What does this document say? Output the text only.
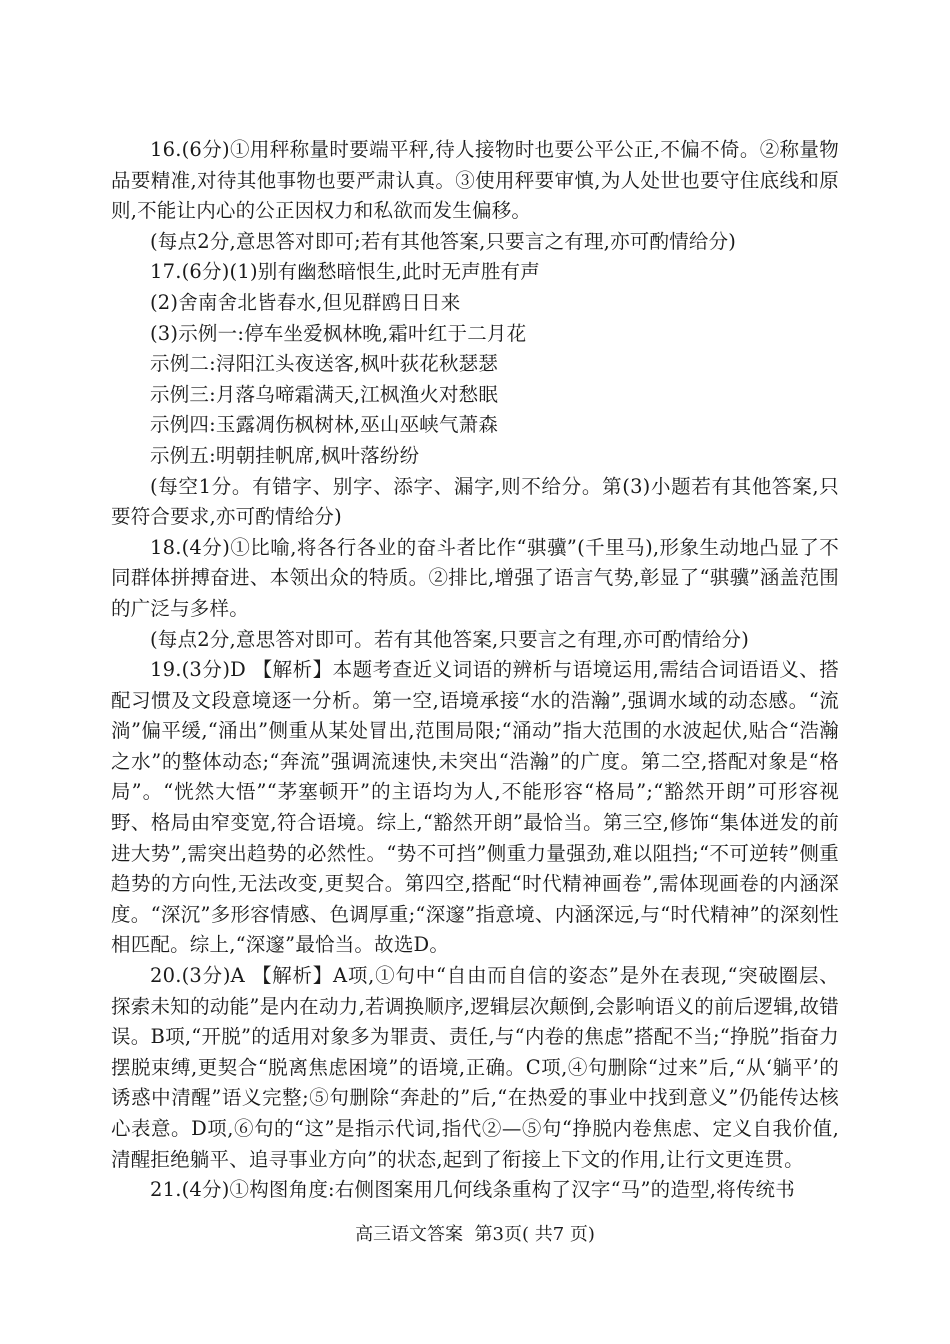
16.(6分)①用秤称量时要端平秤,待人接物时也要公平公正,不偏不倚。②称量物品要精准,对待其他事物也要严肃认真。③使用秤要审慎,为人处世也要守住底线和原则,不能让内心的公正因权力和私欲而发生偏移。

(每点2分,意思答对即可;若有其他答案,只要言之有理,亦可酌情给分)

17.(6分)(1)别有幽愁暗恨生,此时无声胜有声

(2)舍南舍北皆春水,但见群鸥日日来

(3)示例一:停车坐爱枫林晚,霜叶红于二月花

示例二:浔阳江头夜送客,枫叶荻花秋瑟瑟

示例三:月落乌啼霜满天,江枫渔火对愁眠

示例四:玉露凋伤枫树林,巫山巫峡气萧森

示例五:明朝挂帆席,枫叶落纷纷

(每空1分。有错字、别字、添字、漏字,则不给分。第(3)小题若有其他答案,只要符合要求,亦可酌情给分)

18.(4分)①比喻,将各行各业的奋斗者比作“骐骥”(千里马),形象生动地凸显了不同群体拼搏奋进、本领出众的特质。②排比,增强了语言气势,彰显了“骐骥”涵盖范围的广泛与多样。

(每点2分,意思答对即可。若有其他答案,只要言之有理,亦可酌情给分)

19.(3分)D 【解析】本题考查近义词语的辨析与语境运用,需结合词语语义、搭配习惯及文段意境逐一分析。第一空,语境承接“水的浩瀚”,强调水域的动态感。“流淌”偏平缓,“涌出”侧重从某处冒出,范围局限;“涌动”指大范围的水波起伏,贴合“浩瀚之水”的整体动态;“奔流”强调流速快,未突出“浩瀚”的广度。第二空,搭配对象是“格局”。“恍然大悟”“茅塞顿开”的主语均为人,不能形容“格局”;“豁然开朗”可形容视野、格局由窄变宽,符合语境。综上,“豁然开朗”最恰当。第三空,修饰“集体迸发的前进大势”,需突出趋势的必然性。“势不可挡”侧重力量强劲,难以阻挡;“不可逆转”侧重趋势的方向性,无法改变,更契合。第四空,搭配“时代精神画卷”,需体现画卷的内涵深度。“深沉”多形容情感、色调厚重;“深邃”指意境、内涵深远,与“时代精神”的深刻性相匹配。综上,“深邃”最恰当。故选D。

20.(3分)A 【解析】A项,①句中“自由而自信的姿态”是外在表现,“突破圈层、探索未知的动能”是内在动力,若调换顺序,逻辑层次颠倒,会影响语义的前后逻辑,故错误。B项,“开脱”的适用对象多为罪责、责任,与“内卷的焦虑”搭配不当;“挣脱”指奋力摆脱束缚,更契合“脱离焦虑困境”的语境,正确。C项,④句删除“过来”后,“从‘躺平’的诱惑中清醒”语义完整;⑤句删除“奔赴的”后,“在热爱的事业中找到意义”仍能传达核心表意。D项,⑥句的“这”是指示代词,指代②—⑤句“挣脱内卷焦虑、定义自我价值,清醒拒绝躺平、追寻事业方向”的状态,起到了衔接上下文的作用,让行文更连贯。

21.(4分)①构图角度:右侧图案用几何线条重构了汉字“马”的造型,将传统书

高三语文答案 第3页( 共7 页)
